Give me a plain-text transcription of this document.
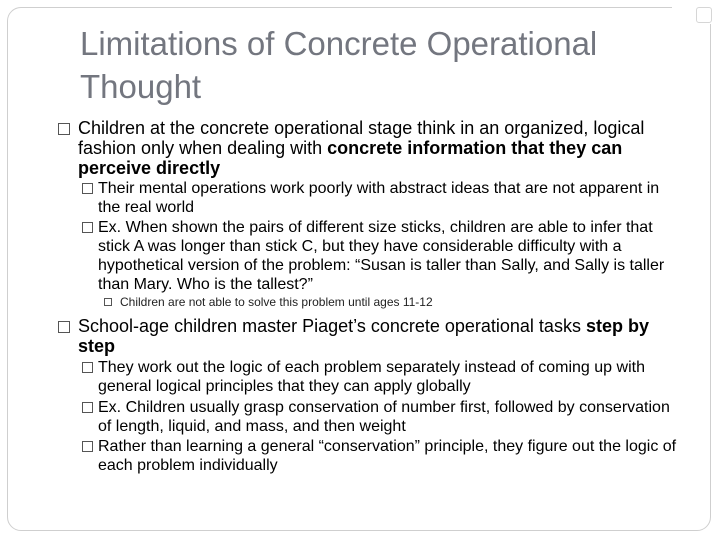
Limitations of Concrete Operational
Thought
Children at the concrete operational stage think in an organized, logical fashion only when dealing with concrete information that they can perceive directly
Their mental operations work poorly with abstract ideas that are not apparent in the real world
Ex. When shown the pairs of different size sticks, children are able to infer that stick A was longer than stick C, but they have considerable difficulty with a hypothetical version of the problem: “Susan is taller than Sally, and Sally is taller than Mary. Who is the tallest?”
Children are not able to solve this problem until ages 11-12
School-age children master Piaget’s concrete operational tasks step by step
They work out the logic of each problem separately instead of coming up with general logical principles that they can apply globally
Ex. Children usually grasp conservation of number first, followed by conservation of length, liquid, and mass, and then weight
Rather than learning a general “conservation” principle, they figure out the logic of each problem individually
